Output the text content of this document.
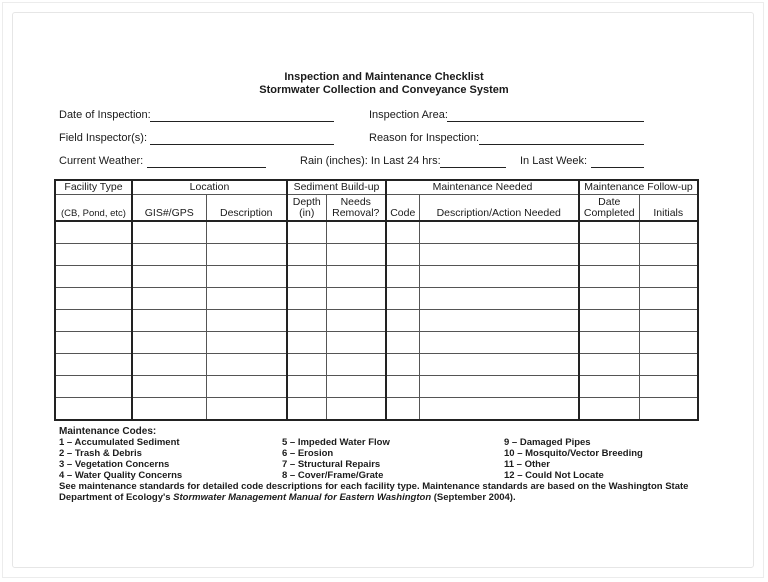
Inspection and Maintenance Checklist
Stormwater Collection and Conveyance System
Date of Inspection:	Inspection Area:
Field Inspector(s):	Reason for Inspection:
Current Weather:	Rain (inches): In Last 24 hrs:	In Last Week:
Facility Type	Location		Sediment Build-up		Maintenance Needed		Maintenance Follow-up	
(CB, Pond, etc)	GIS#/GPS	Description	Depth (in)	Needs Removal?	Code	Description/Action Needed	Date Completed	Initials

Maintenance Codes:
1 – Accumulated Sediment
2 – Trash & Debris
3 – Vegetation Concerns
4 – Water Quality Concerns
5 – Impeded Water Flow
6 – Erosion
7 – Structural Repairs
8 – Cover/Frame/Grate
9 – Damaged Pipes
10 – Mosquito/Vector Breeding
11 – Other
12 – Could Not Locate
See maintenance standards for detailed code descriptions for each facility type. Maintenance standards are based on the Washington State
Department of Ecology's Stormwater Management Manual for Eastern Washington (September 2004).
